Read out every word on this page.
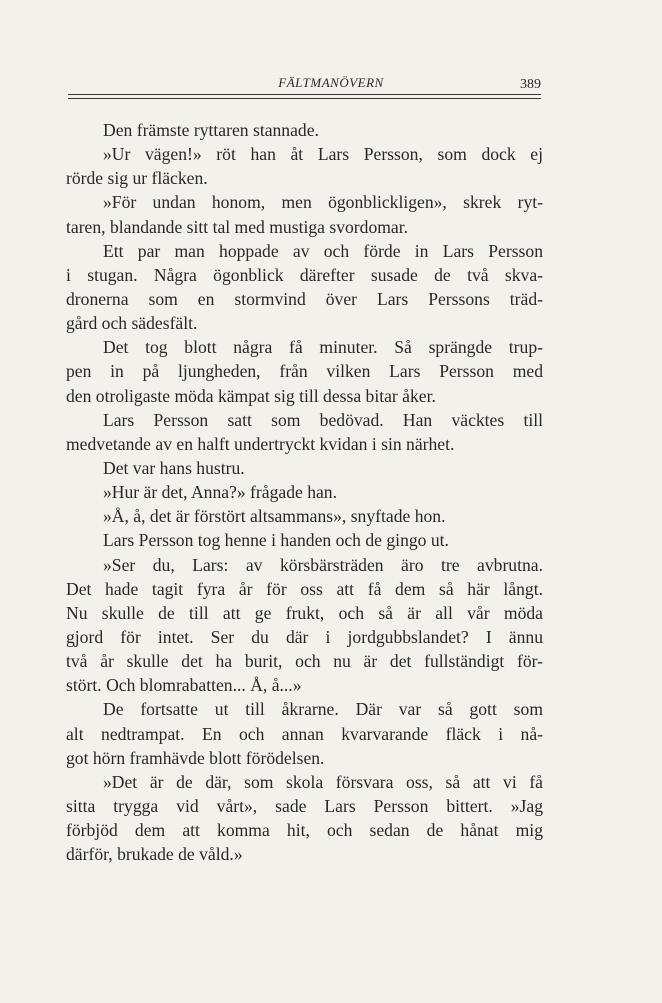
FÄLTMANÖVERN	389
Den främste ryttaren stannade.
»Ur vägen!» röt han åt Lars Persson, som dock ej
rörde sig ur fläcken.
»För undan honom, men ögonblickligen», skrek ryt-
taren, blandande sitt tal med mustiga svordomar.
Ett par man hoppade av och förde in Lars Persson
i stugan. Några ögonblick därefter susade de två skva-
dronerna som en stormvind över Lars Perssons träd-
gård och sädesfält.
Det tog blott några få minuter. Så sprängde trup-
pen in på ljungheden, från vilken Lars Persson med
den otroligaste möda kämpat sig till dessa bitar åker.
Lars Persson satt som bedövad. Han väcktes till
medvetande av en halft undertryckt kvidan i sin närhet.
Det var hans hustru.
»Hur är det, Anna?» frågade han.
»Å, å, det är förstört altsammans», snyftade hon.
Lars Persson tog henne i handen och de gingo ut.
»Ser du, Lars: av körsbärsträden äro tre avbrutna.
Det hade tagit fyra år för oss att få dem så här långt.
Nu skulle de till att ge frukt, och så är all vår möda
gjord för intet. Ser du där i jordgubbslandet? I ännu
två år skulle det ha burit, och nu är det fullständigt för-
stört. Och blomrabatten... Å, å...»
De fortsatte ut till åkrarne. Där var så gott som
alt nedtrampat. En och annan kvarvarande fläck i nå-
got hörn framhävde blott förödelsen.
»Det är de där, som skola försvara oss, så att vi få
sitta trygga vid vårt», sade Lars Persson bittert. »Jag
förbjöd dem att komma hit, och sedan de hånat mig
därför, brukade de våld.»
